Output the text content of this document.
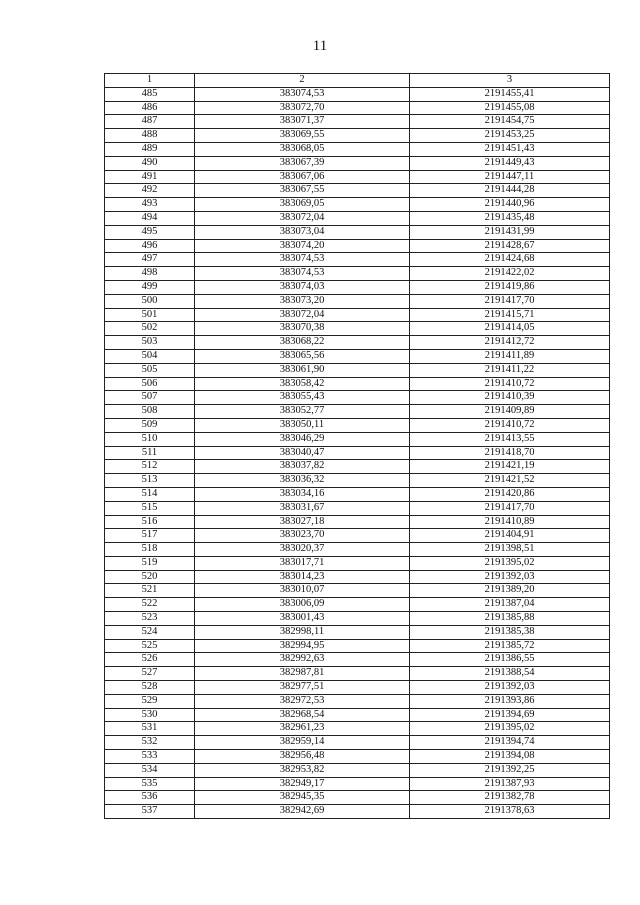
11
1	2	3
485	383074,53	2191455,41
486	383072,70	2191455,08
487	383071,37	2191454,75
488	383069,55	2191453,25
489	383068,05	2191451,43
490	383067,39	2191449,43
491	383067,06	2191447,11
492	383067,55	2191444,28
493	383069,05	2191440,96
494	383072,04	2191435,48
495	383073,04	2191431,99
496	383074,20	2191428,67
497	383074,53	2191424,68
498	383074,53	2191422,02
499	383074,03	2191419,86
500	383073,20	2191417,70
501	383072,04	2191415,71
502	383070,38	2191414,05
503	383068,22	2191412,72
504	383065,56	2191411,89
505	383061,90	2191411,22
506	383058,42	2191410,72
507	383055,43	2191410,39
508	383052,77	2191409,89
509	383050,11	2191410,72
510	383046,29	2191413,55
511	383040,47	2191418,70
512	383037,82	2191421,19
513	383036,32	2191421,52
514	383034,16	2191420,86
515	383031,67	2191417,70
516	383027,18	2191410,89
517	383023,70	2191404,91
518	383020,37	2191398,51
519	383017,71	2191395,02
520	383014,23	2191392,03
521	383010,07	2191389,20
522	383006,09	2191387,04
523	383001,43	2191385,88
524	382998,11	2191385,38
525	382994,95	2191385,72
526	382992,63	2191386,55
527	382987,81	2191388,54
528	382977,51	2191392,03
529	382972,53	2191393,86
530	382968,54	2191394,69
531	382961,23	2191395,02
532	382959,14	2191394,74
533	382956,48	2191394,08
534	382953,82	2191392,25
535	382949,17	2191387,93
536	382945,35	2191382,78
537	382942,69	2191378,63
